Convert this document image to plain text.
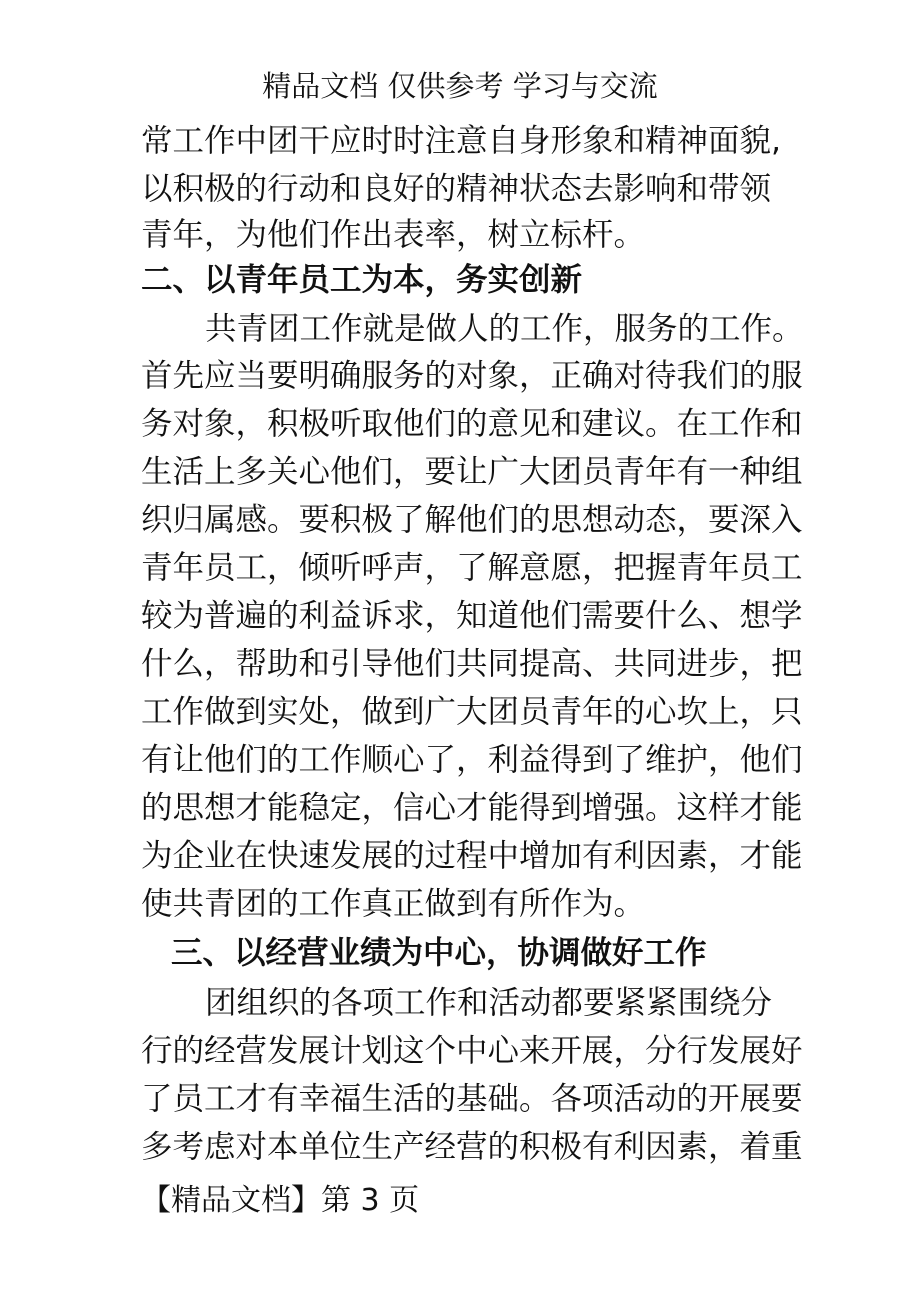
精品文档 仅供参考 学习与交流
常工作中团干应时时注意自身形象和精神面貌,
以积极的行动和良好的精神状态去影响和带领
青年，为他们作出表率，树立标杆。
二、以青年员工为本，务实创新
共青团工作就是做人的工作，服务的工作。
首先应当要明确服务的对象，正确对待我们的服
务对象，积极听取他们的意见和建议。在工作和
生活上多关心他们，要让广大团员青年有一种组
织归属感。要积极了解他们的思想动态，要深入
青年员工，倾听呼声，了解意愿，把握青年员工
较为普遍的利益诉求，知道他们需要什么、想学
什么，帮助和引导他们共同提高、共同进步，把
工作做到实处，做到广大团员青年的心坎上，只
有让他们的工作顺心了，利益得到了维护，他们
的思想才能稳定，信心才能得到增强。这样才能
为企业在快速发展的过程中增加有利因素，才能
使共青团的工作真正做到有所作为。
三、以经营业绩为中心，协调做好工作
团组织的各项工作和活动都要紧紧围绕分
行的经营发展计划这个中心来开展，分行发展好
了员工才有幸福生活的基础。各项活动的开展要
多考虑对本单位生产经营的积极有利因素，着重
【精品文档】第 3 页
